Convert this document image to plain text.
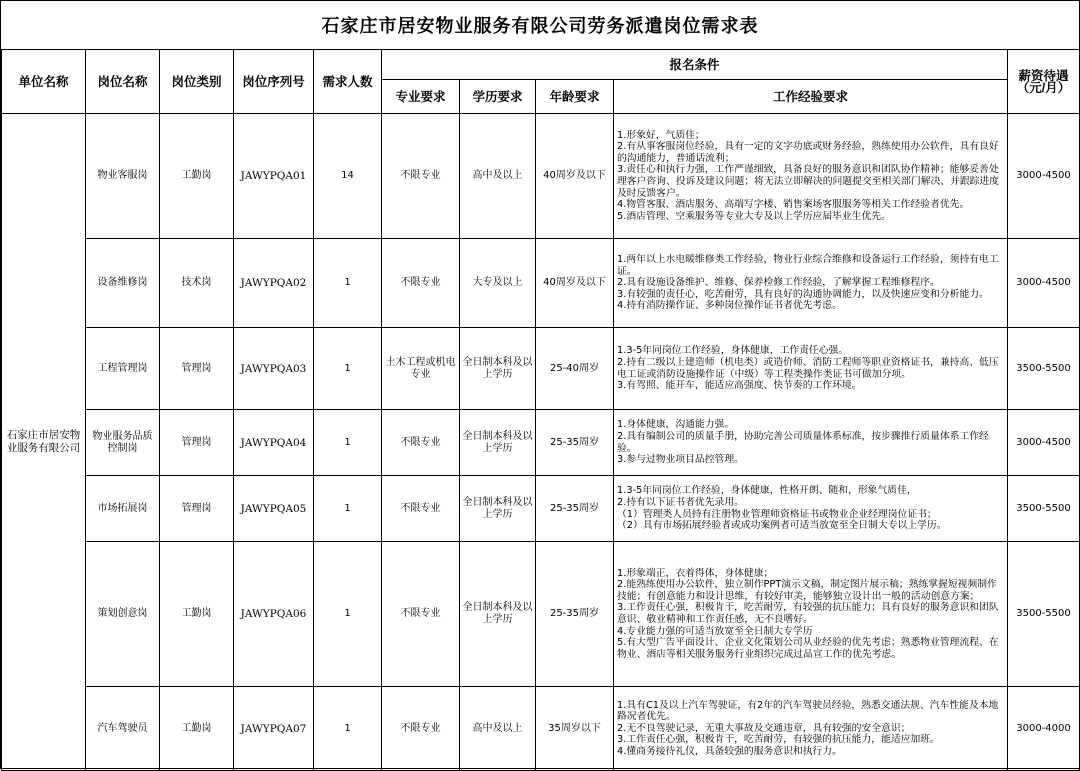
石家庄市居安物业服务有限公司劳务派遣岗位需求表
单位名称	岗位名称	岗位类别	岗位序列号	需求人数	报名条件				薪资待遇（元/月）
					专业要求	学历要求	年龄要求	工作经验要求	
石家庄市居安物业服务有限公司	物业客服岗	工勤岗	JAWYPQA01	14	不限专业	高中及以上	40周岁及以下	1.形象好，气质佳；
2.有从事客服岗位经验，具有一定的文字功底或财务经验，熟练使用办公软件，具有良好的沟通能力，普通话流利；
3.责任心和执行力强，工作严谨细致，具备良好的服务意识和团队协作精神；能够妥善处理客户咨询、投诉及建议问题；将无法立即解决的问题提交至相关部门解决、并跟踪进度及时反馈客户。
4.物管客服、酒店服务、高端写字楼、销售案场客服服务等相关工作经验者优先。
5.酒店管理、空乘服务等专业大专及以上学历应届毕业生优先。	3000-4500
	设备维修岗	技术岗	JAWYPQA02	1	不限专业	大专及以上	40周岁及以下	1.两年以上水电暖维修类工作经验，物业行业综合维修和设备运行工作经验，须持有电工证。
2.具有设施设备维护、维修、保养检修工作经验，了解掌握工程维修程序。
3.有较强的责任心，吃苦耐劳，具有良好的沟通协调能力，以及快速应变和分析能力。
4.持有消防操作证、多种岗位操作证书者优先考虑。	3000-4500
	工程管理岗	管理岗	JAWYPQA03	1	土木工程或机电专业	全日制本科及以上学历	25-40周岁	1.3-5年同岗位工作经验，身体健康，工作责任心强。
2.持有二级以上建造师（机电类）或造价师、消防工程师等职业资格证书，兼持高、低压电工证或消防设施操作证（中级）等工程类操作类证书可做加分项。
3.有驾照、能开车，能适应高强度、快节奏的工作环境。	3500-5500
	物业服务品质控制岗	管理岗	JAWYPQA04	1	不限专业	全日制本科及以上学历	25-35周岁	1.身体健康，沟通能力强。
2.具有编制公司的质量手册，协助完善公司质量体系标准，按步骤推行质量体系工作经验。
3.参与过物业项目品控管理。	3000-4500
	市场拓展岗	管理岗	JAWYPQA05	1	不限专业	全日制本科及以上学历	25-35周岁	1.3-5年同岗位工作经验，身体健康，性格开朗、随和，形象气质佳，
2.持有以下证书者优先录用。
（1）管理类人员持有注册物业管理师资格证书或物业企业经理岗位证书；
（2）具有市场拓展经验者或成功案例者可适当放宽至全日制大专以上学历。	3500-5500
	策划创意岗	工勤岗	JAWYPQA06	1	不限专业	全日制本科及以上学历	25-35周岁	1.形象端正，衣着得体，身体健康；
2.能熟练使用办公软件，独立制作PPT演示文稿，制定图片展示稿；熟练掌握短视频制作技能；有创意能力和设计思维，有较好审美，能够独立设计出一般的活动创意方案；
3.工作责任心强，积极肯干，吃苦耐劳，有较强的抗压能力；具有良好的服务意识和团队意识、敬业精神和工作责任感，无不良嗜好。
4.专业能力强的可适当放宽至全日制大专学历
5.有大型广告平面设计、企业文化策划公司从业经验的优先考虑；熟悉物业管理流程、在物业、酒店等相关服务服务行业组织完成过品宣工作的优先考虑。	3500-5500
	汽车驾驶员	工勤岗	JAWYPQA07	1	不限专业	高中及以上	35周岁以下	1.具有C1及以上汽车驾驶证，有2年的汽车驾驶员经验，熟悉交通法规、汽车性能及本地路况者优先。
2.无不良驾驶记录，无重大事故及交通违章，具有较强的安全意识；
3.工作责任心强，积极肯干，吃苦耐劳，有较强的抗压能力，能适应加班。
4.懂商务接待礼仪，具备较强的服务意识和执行力。	3000-4000
